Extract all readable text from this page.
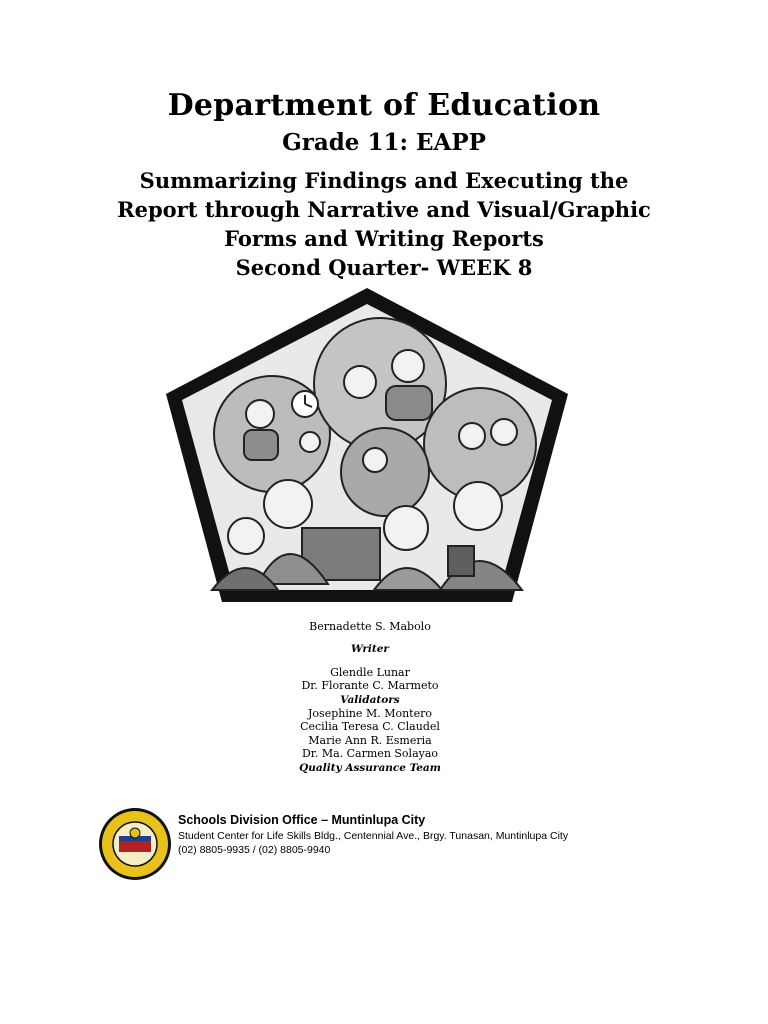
Department of Education
Grade 11: EAPP
Summarizing Findings and Executing the
Report through Narrative and Visual/Graphic
Forms and Writing Reports
Second Quarter- WEEK 8
Bernadette S. Mabolo
Writer
Glendle Lunar
Dr. Florante C. Marmeto
Validators
Josephine M. Montero
Cecilia Teresa C. Claudel
Marie Ann R. Esmeria
Dr. Ma. Carmen Solayao
Quality Assurance Team
Schools Division Office – Muntinlupa City
Student Center for Life Skills Bldg., Centennial Ave., Brgy. Tunasan, Muntinlupa City
(02) 8805-9935 / (02) 8805-9940
